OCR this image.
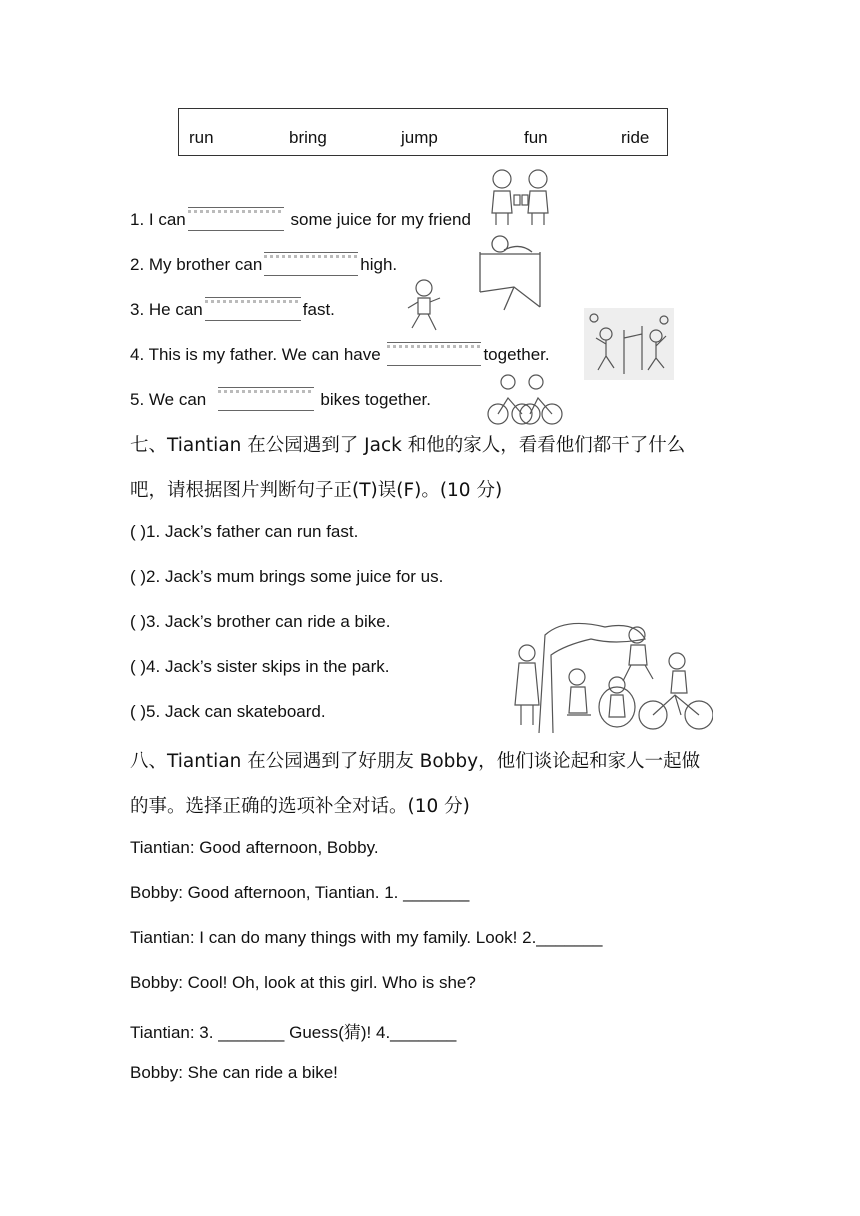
run	bring	jump	fun	ride
1. I can	some juice for my friend
2. My brother can	high.
3. He can	fast.
4. This is my father. We can have	together.
5. We can	bikes together.
七、Tiantian 在公园遇到了 Jack 和他的家人，看看他们都干了什么
吧，请根据图片判断句子正(T)误(F)。(10 分)
( )1. Jack’s father can run fast.
( )2. Jack’s mum brings some juice for us.
( )3. Jack’s brother can ride a bike.
( )4. Jack’s sister skips in the park.
( )5. Jack can skateboard.
八、Tiantian 在公园遇到了好朋友 Bobby，他们谈论起和家人一起做
的事。选择正确的选项补全对话。(10 分)
Tiantian: Good afternoon, Bobby.
Bobby: Good afternoon, Tiantian. 1. _______
Tiantian: I can do many things with my family. Look! 2._______
Bobby: Cool! Oh, look at this girl. Who is she?
Tiantian: 3. _______ Guess(猜)! 4._______
Bobby: She can ride a bike!
